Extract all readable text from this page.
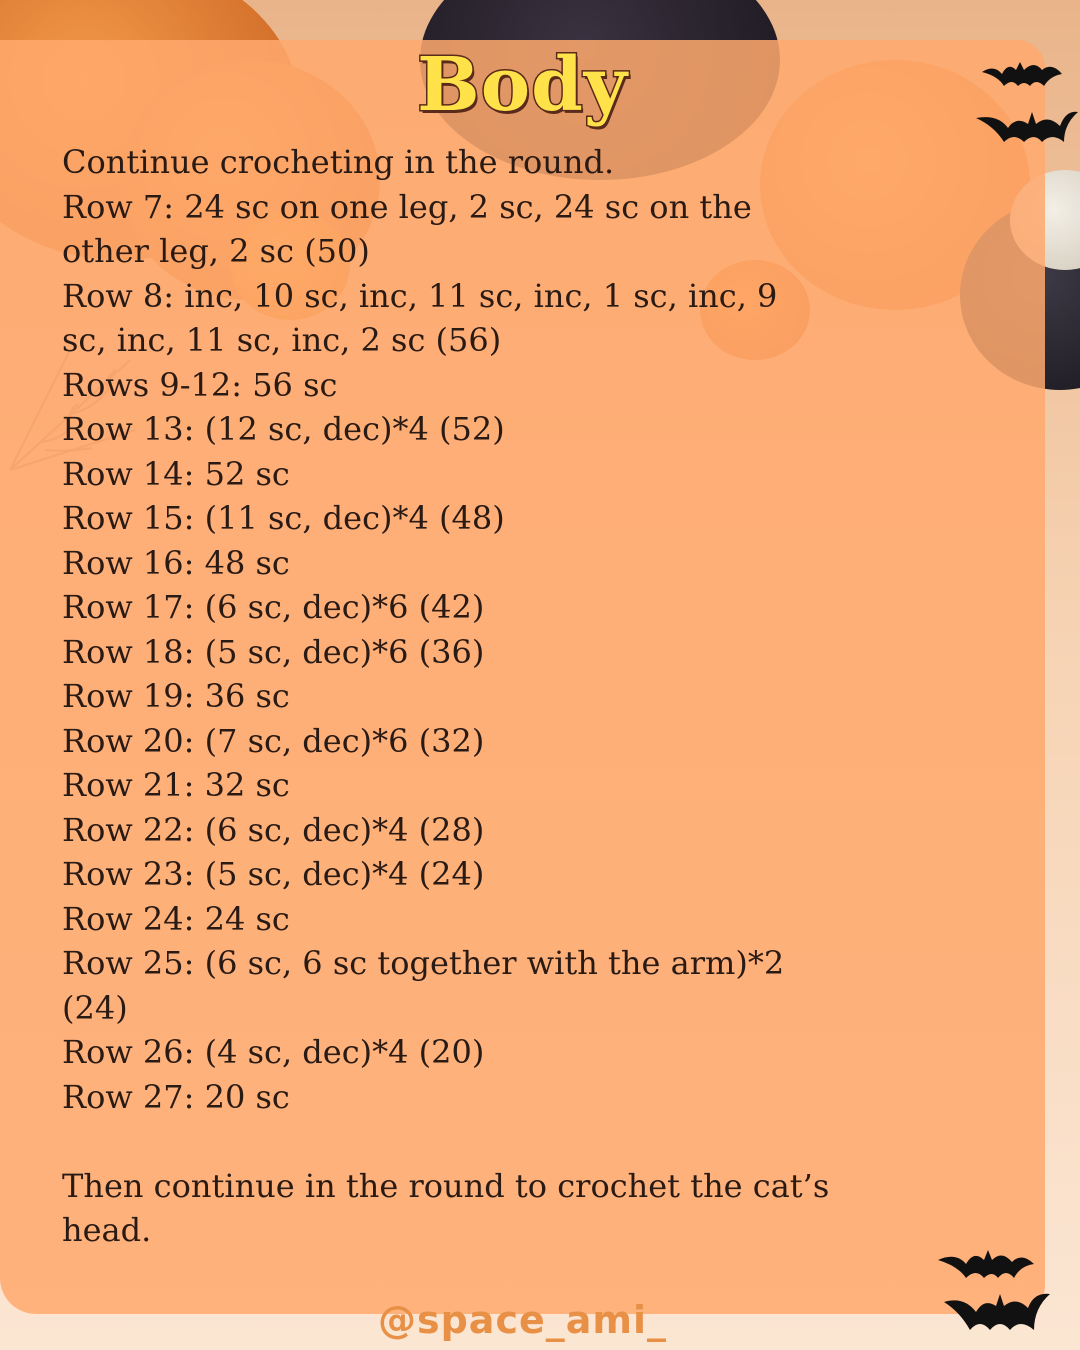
Body

Continue crocheting in the round.

Row 7: 24 sc on one leg, 2 sc, 24 sc on the other leg, 2 sc (50)

Row 8: inc, 10 sc, inc, 11 sc, inc, 1 sc, inc, 9 sc, inc, 11 sc, inc, 2 sc (56)

Rows 9-12: 56 sc

Row 13: (12 sc, dec)*4 (52)

Row 14: 52 sc

Row 15: (11 sc, dec)*4 (48)

Row 16: 48 sc

Row 17: (6 sc, dec)*6 (42)

Row 18: (5 sc, dec)*6 (36)

Row 19: 36 sc

Row 20: (7 sc, dec)*6 (32)

Row 21: 32 sc

Row 22: (6 sc, dec)*4 (28)

Row 23: (5 sc, dec)*4 (24)

Row 24: 24 sc

Row 25: (6 sc, 6 sc together with the arm)*2 (24)

Row 26: (4 sc, dec)*4 (20)

Row 27: 20 sc

Then continue in the round to crochet the cat’s head.

@space_ami_
